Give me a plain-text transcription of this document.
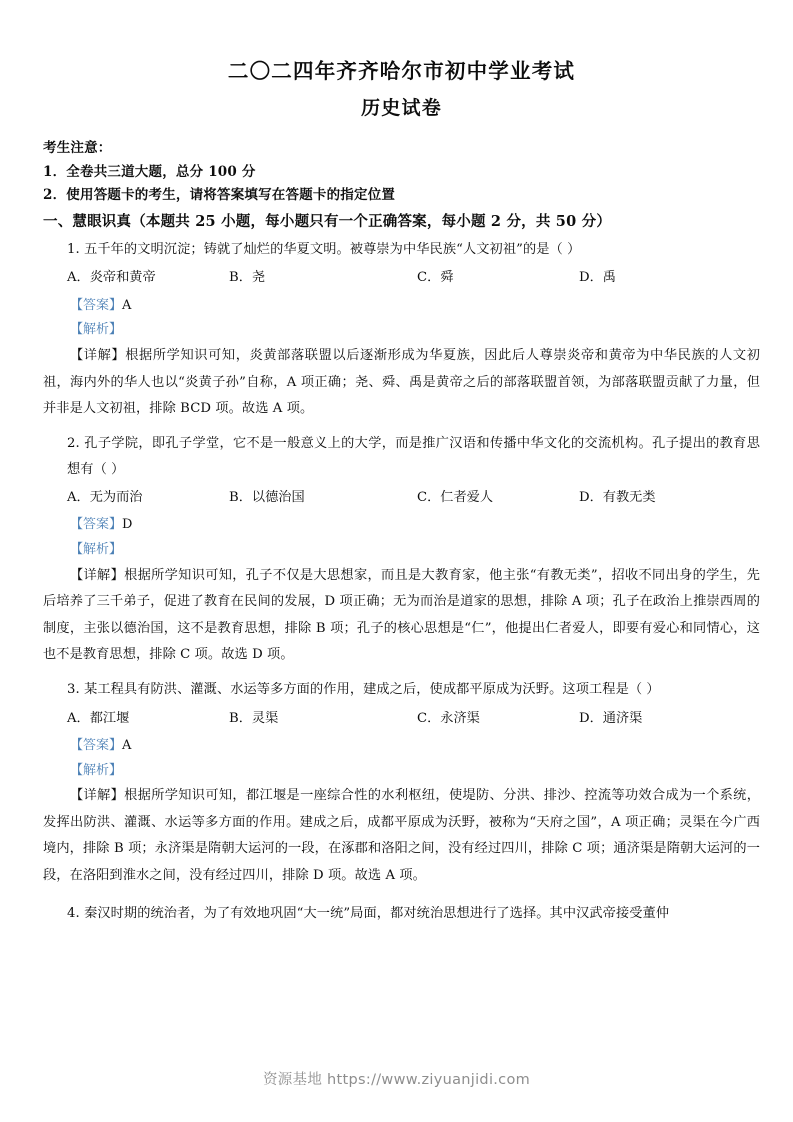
二〇二四年齐齐哈尔市初中学业考试
历史试卷

考生注意：

1．全卷共三道大题，总分 100 分

2．使用答题卡的考生，请将答案填写在答题卡的指定位置

一、慧眼识真（本题共 25 小题，每小题只有一个正确答案，每小题 2 分，共 50 分）

1. 五千年的文明沉淀；铸就了灿烂的华夏文明。被尊崇为中华民族“人文初祖”的是（ ）

A．炎帝和黄帝	B．尧	C．舜	D．禹

【答案】A

【解析】

【详解】根据所学知识可知，炎黄部落联盟以后逐渐形成为华夏族，因此后人尊崇炎帝和黄帝为中华民族的人文初祖，海内外的华人也以“炎黄子孙”自称，A 项正确；尧、舜、禹是黄帝之后的部落联盟首领，为部落联盟贡献了力量，但并非是人文初祖，排除 BCD 项。故选 A 项。

2. 孔子学院，即孔子学堂，它不是一般意义上的大学，而是推广汉语和传播中华文化的交流机构。孔子提出的教育思想有（ ）

A．无为而治	B．以德治国	C．仁者爱人	D．有教无类

【答案】D

【解析】

【详解】根据所学知识可知，孔子不仅是大思想家，而且是大教育家，他主张“有教无类”，招收不同出身的学生，先后培养了三千弟子，促进了教育在民间的发展，D 项正确；无为而治是道家的思想，排除 A 项；孔子在政治上推崇西周的制度，主张以德治国，这不是教育思想，排除 B 项；孔子的核心思想是“仁”，他提出仁者爱人，即要有爱心和同情心，这也不是教育思想，排除 C 项。故选 D 项。

3. 某工程具有防洪、灌溉、水运等多方面的作用，建成之后，使成都平原成为沃野。这项工程是（ ）

A．都江堰	B．灵渠	C．永济渠	D．通济渠

【答案】A

【解析】

【详解】根据所学知识可知，都江堰是一座综合性的水利枢纽，使堤防、分洪、排沙、控流等功效合成为一个系统，发挥出防洪、灌溉、水运等多方面的作用。建成之后，成都平原成为沃野，被称为“天府之国”，A 项正确；灵渠在今广西境内，排除 B 项；永济渠是隋朝大运河的一段，在涿郡和洛阳之间，没有经过四川，排除 C 项；通济渠是隋朝大运河的一段，在洛阳到淮水之间，没有经过四川，排除 D 项。故选 A 项。

4. 秦汉时期的统治者，为了有效地巩固“大一统”局面，都对统治思想进行了选择。其中汉武帝接受董仲

资源基地 https://www.ziyuanjidi.com
